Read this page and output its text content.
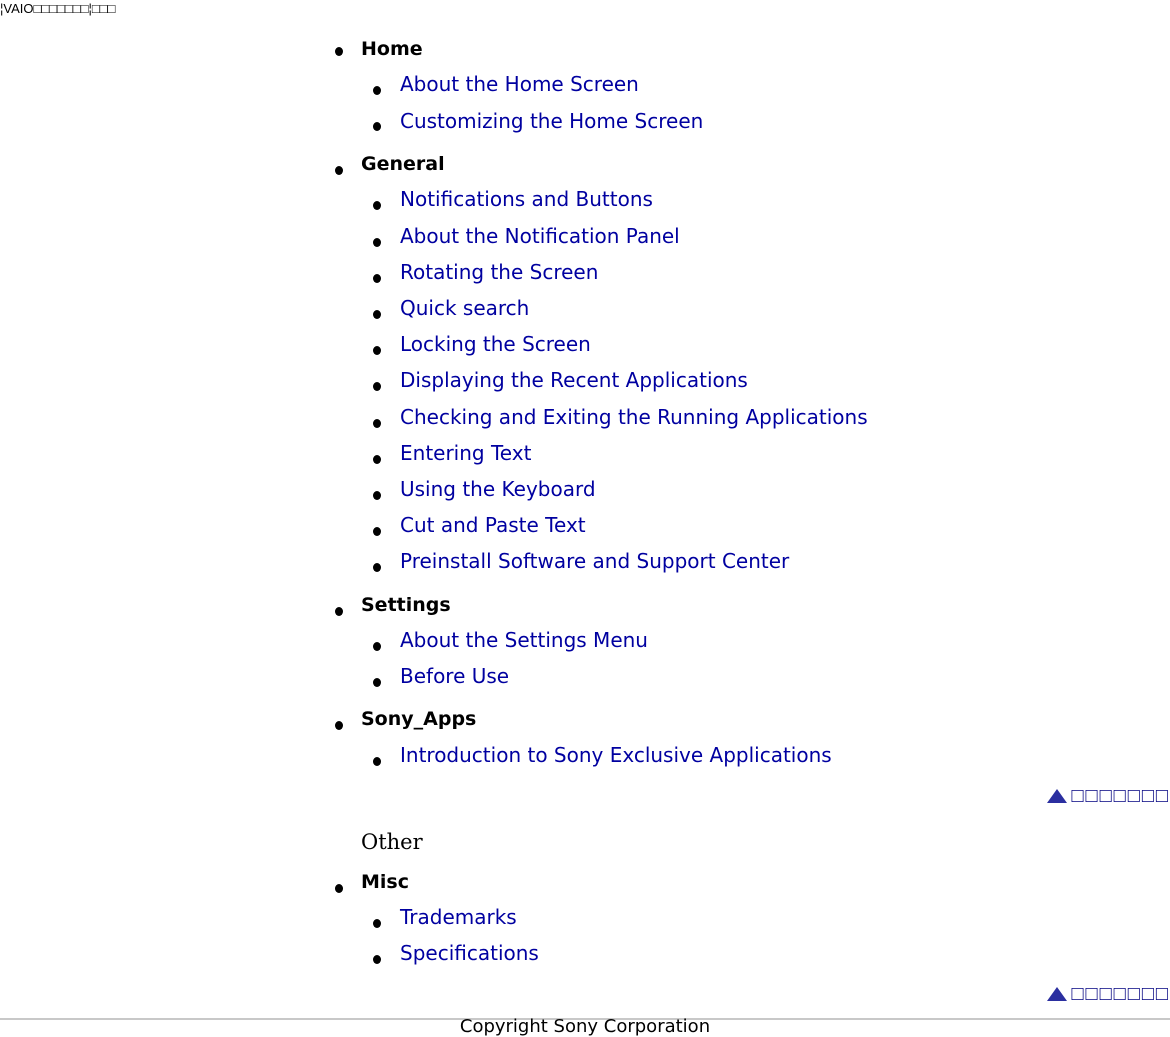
¦VAIO□□□□□□□¦□□□
Home
About the Home Screen
Customizing the Home Screen
General
Notifications and Buttons
About the Notification Panel
Rotating the Screen
Quick search
Locking the Screen
Displaying the Recent Applications
Checking and Exiting the Running Applications
Entering Text
Using the Keyboard
Cut and Paste Text
Preinstall Software and Support Center
Settings
About the Settings Menu
Before Use
Sony_Apps
Introduction to Sony Exclusive Applications
□□□□□□□
Other
Misc
Trademarks
Specifications
□□□□□□□
Copyright Sony Corporation
